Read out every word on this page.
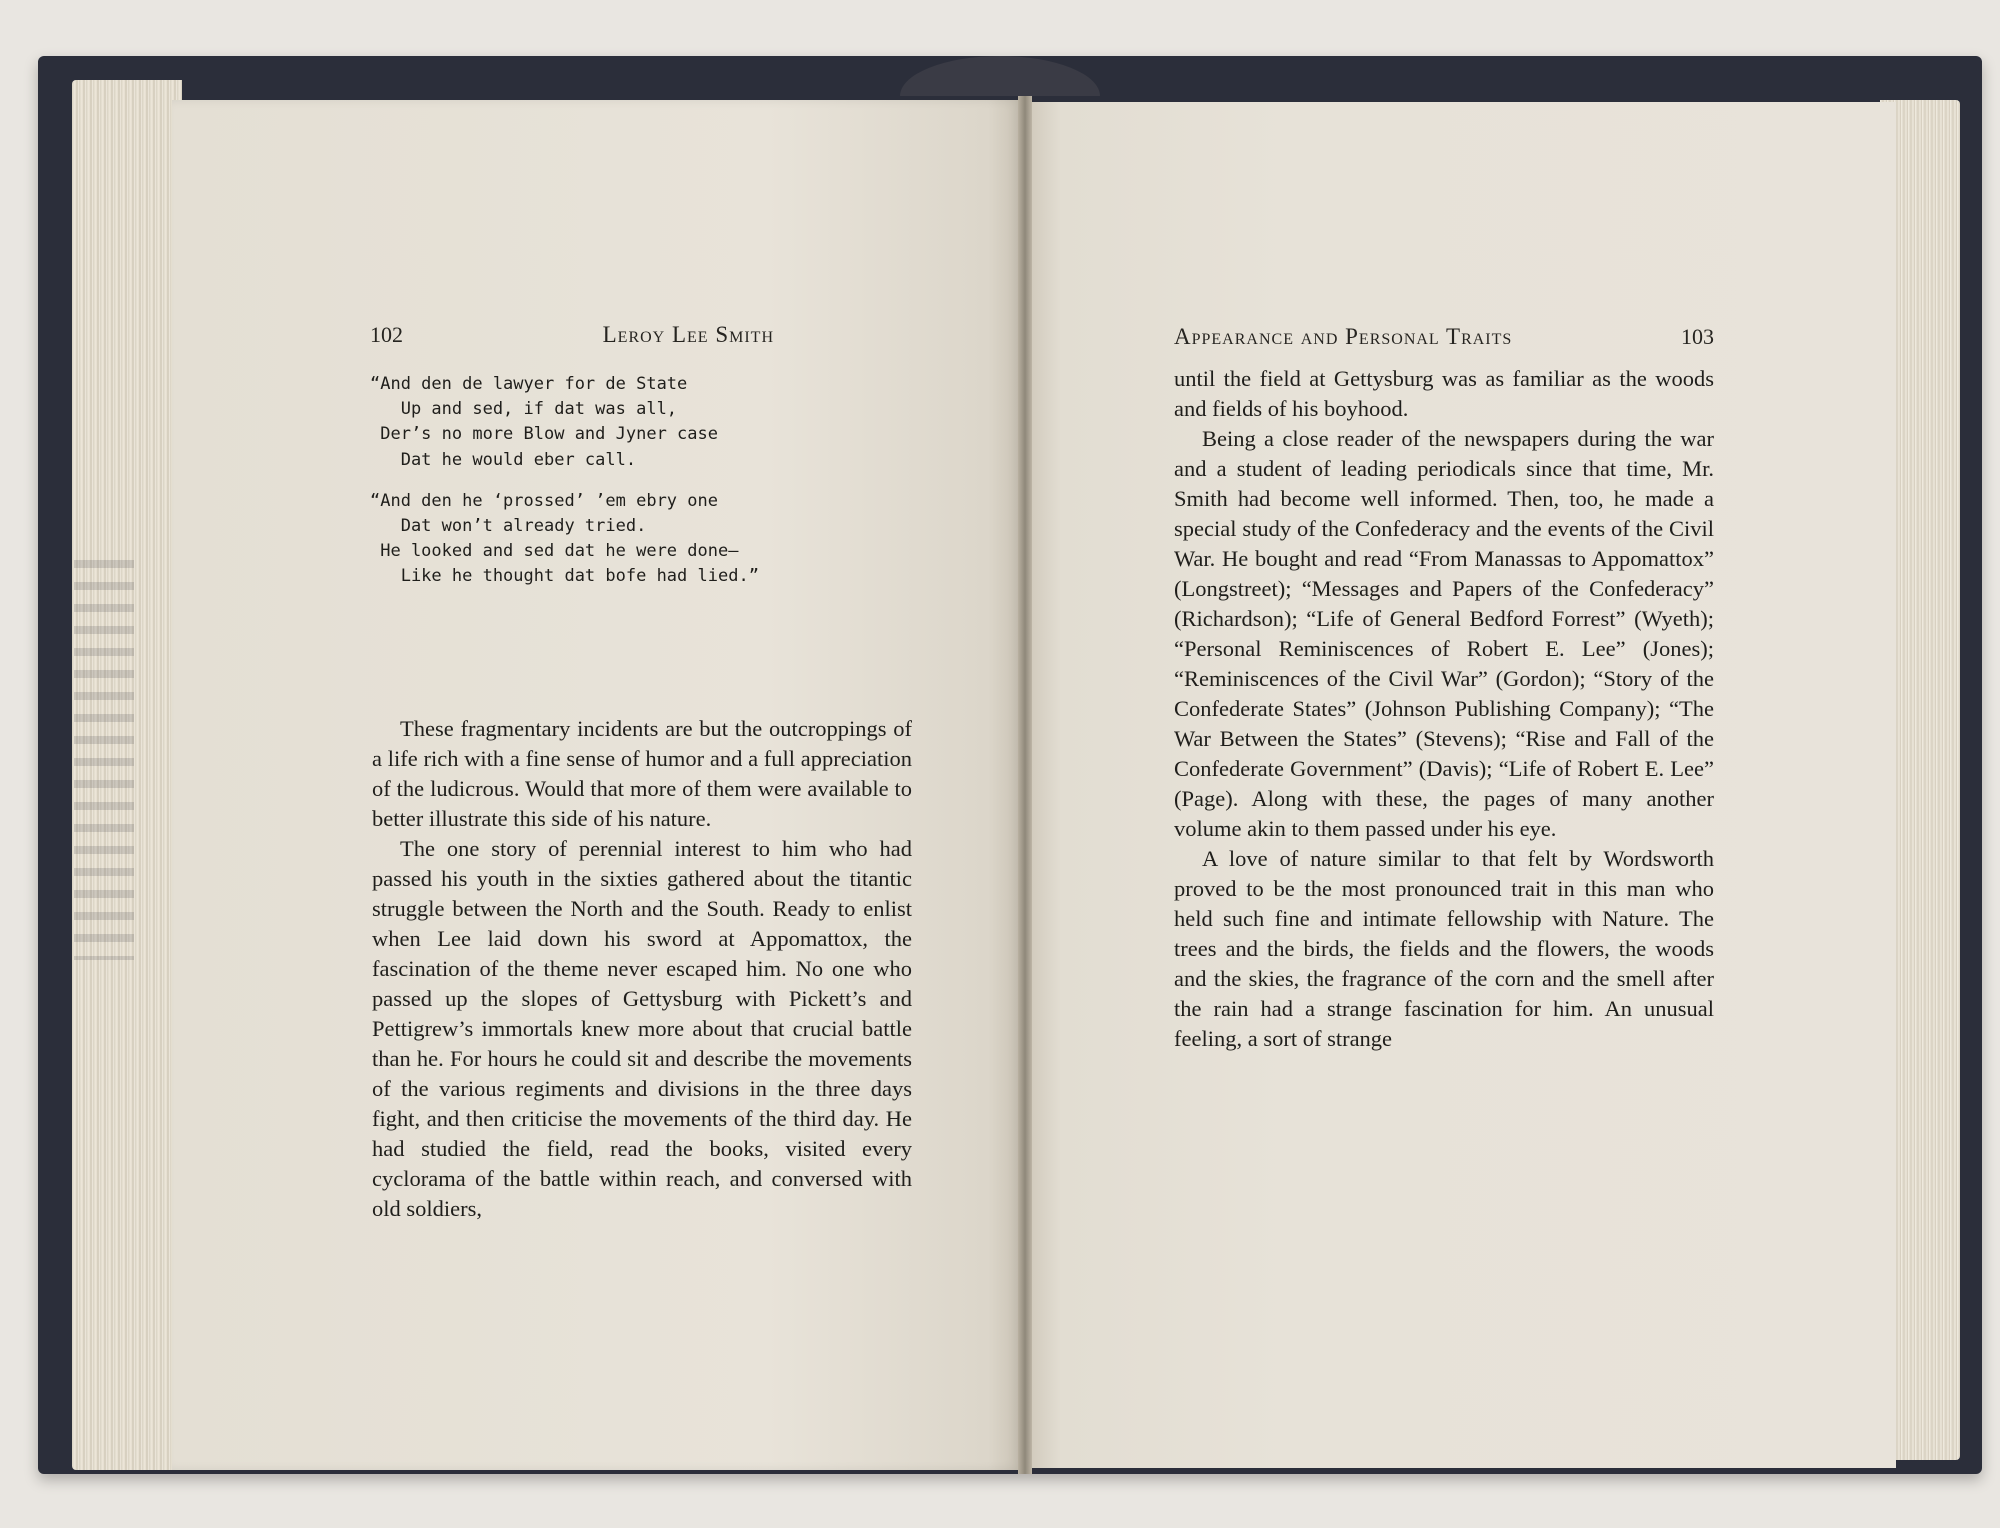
102	Leroy Lee Smith
“And den de lawyer for de State
Up and sed, if dat was all,
Der’s no more Blow and Jyner case
Dat he would eber call.
“And den he ‘prossed’ ’em ebry one
Dat won’t already tried.
He looked and sed dat he were done—
Like he thought dat bofe had lied.”

These fragmentary incidents are but the outcroppings of a life rich with a fine sense of humor and a full appreciation of the ludicrous. Would that more of them were available to better illustrate this side of his nature.

The one story of perennial interest to him who had passed his youth in the sixties gathered about the titantic struggle between the North and the South. Ready to enlist when Lee laid down his sword at Appomattox, the fascination of the theme never escaped him. No one who passed up the slopes of Gettysburg with Pickett’s and Pettigrew’s immortals knew more about that crucial battle than he. For hours he could sit and describe the movements of the various regiments and divisions in the three days fight, and then criticise the movements of the third day. He had studied the field, read the books, visited every cyclorama of the battle within reach, and conversed with old soldiers,

Appearance and Personal Traits	103

until the field at Gettysburg was as familiar as the woods and fields of his boyhood.

Being a close reader of the newspapers during the war and a student of leading periodicals since that time, Mr. Smith had become well informed. Then, too, he made a special study of the Confederacy and the events of the Civil War. He bought and read “From Manassas to Appomattox” (Longstreet); “Messages and Papers of the Confederacy” (Richardson); “Life of General Bedford Forrest” (Wyeth); “Personal Reminiscences of Robert E. Lee” (Jones); “Reminiscences of the Civil War” (Gordon); “Story of the Confederate States” (Johnson Publishing Company); “The War Between the States” (Stevens); “Rise and Fall of the Confederate Government” (Davis); “Life of Robert E. Lee” (Page). Along with these, the pages of many another volume akin to them passed under his eye.

A love of nature similar to that felt by Wordsworth proved to be the most pronounced trait in this man who held such fine and intimate fellowship with Nature. The trees and the birds, the fields and the flowers, the woods and the skies, the fragrance of the corn and the smell after the rain had a strange fascination for him. An unusual feeling, a sort of strange
